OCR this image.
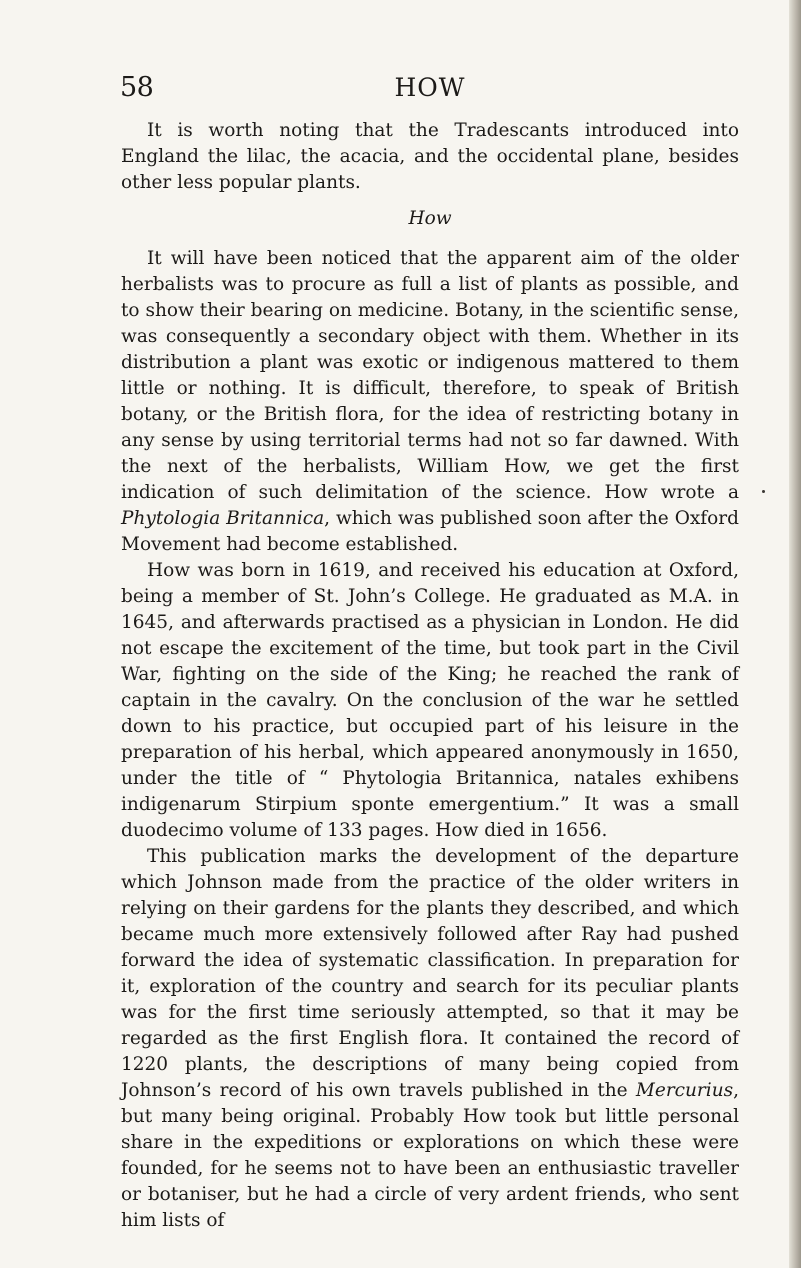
58	HOW

It is worth noting that the Tradescants introduced into England the lilac, the acacia, and the occidental plane, besides other less popular plants.

How

It will have been noticed that the apparent aim of the older herbalists was to procure as full a list of plants as possible, and to show their bearing on medicine. Botany, in the scientific sense, was consequently a secondary object with them. Whether in its distribution a plant was exotic or indigenous mattered to them little or nothing. It is difficult, therefore, to speak of British botany, or the British flora, for the idea of restricting botany in any sense by using territorial terms had not so far dawned. With the next of the herbalists, William How, we get the first indication of such delimitation of the science. How wrote a Phytologia Britannica, which was published soon after the Oxford Movement had become established.

How was born in 1619, and received his education at Oxford, being a member of St. John’s College. He graduated as M.A. in 1645, and afterwards practised as a physician in London. He did not escape the excitement of the time, but took part in the Civil War, fighting on the side of the King; he reached the rank of captain in the cavalry. On the conclusion of the war he settled down to his practice, but occupied part of his leisure in the preparation of his herbal, which appeared anonymously in 1650, under the title of “ Phytologia Britannica, natales exhibens indigenarum Stirpium sponte emergentium.” It was a small duodecimo volume of 133 pages. How died in 1656.

This publication marks the development of the departure which Johnson made from the practice of the older writers in relying on their gardens for the plants they described, and which became much more extensively followed after Ray had pushed forward the idea of systematic classification. In preparation for it, exploration of the country and search for its peculiar plants was for the first time seriously attempted, so that it may be regarded as the first English flora. It contained the record of 1220 plants, the descriptions of many being copied from Johnson’s record of his own travels published in the Mercurius, but many being original. Probably How took but little personal share in the expeditions or explorations on which these were founded, for he seems not to have been an enthusiastic traveller or botaniser, but he had a circle of very ardent friends, who sent him lists of
